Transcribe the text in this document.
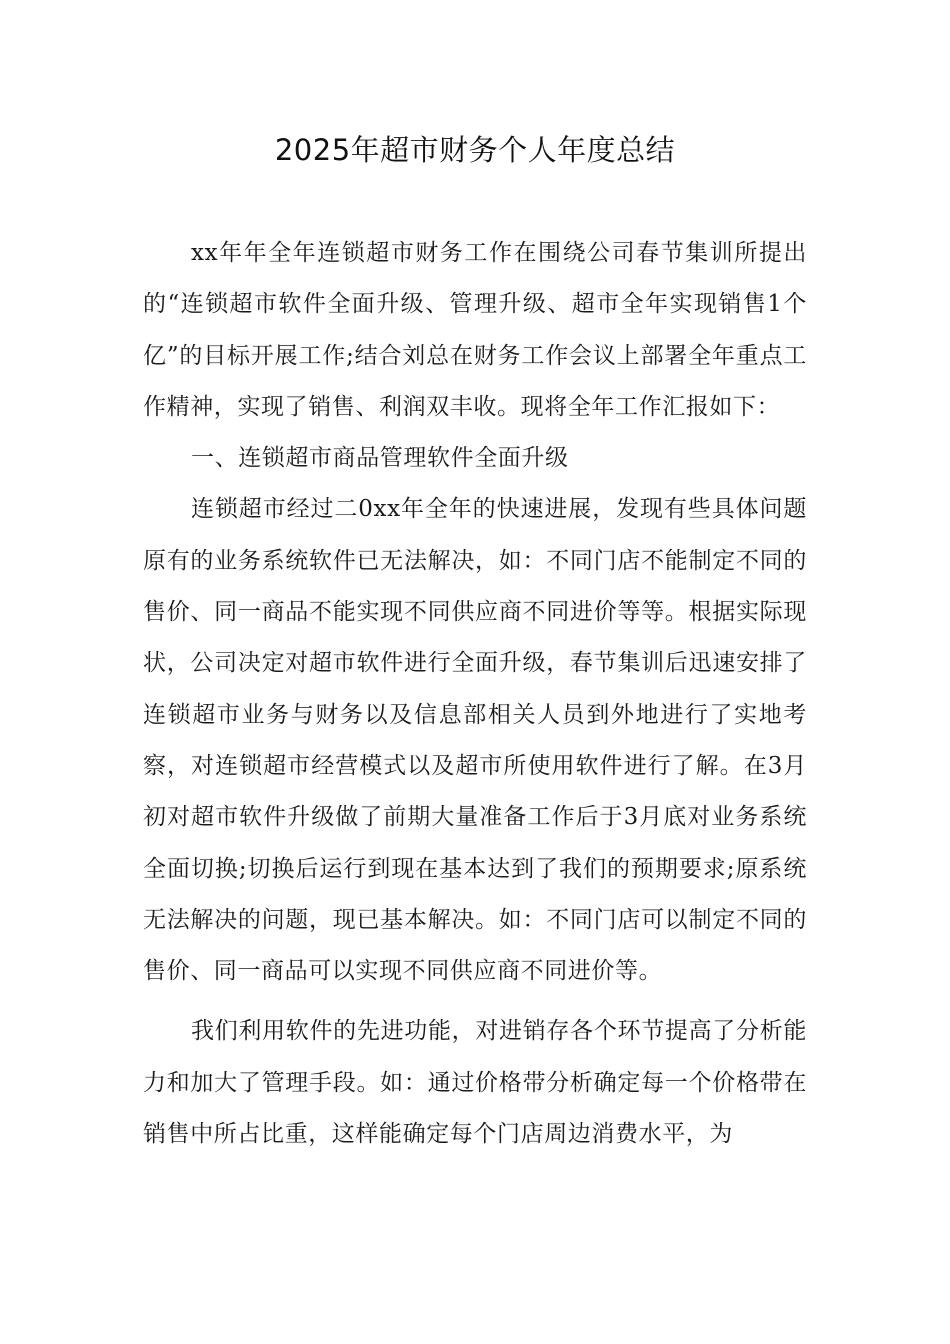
2025年超市财务个人年度总结

xx年年全年连锁超市财务工作在围绕公司春节集训所提出的“连锁超市软件全面升级、管理升级、超市全年实现销售1个亿”的目标开展工作;结合刘总在财务工作会议上部署全年重点工作精神，实现了销售、利润双丰收。现将全年工作汇报如下：

一、连锁超市商品管理软件全面升级

连锁超市经过二0xx年全年的快速进展，发现有些具体问题原有的业务系统软件已无法解决，如：不同门店不能制定不同的售价、同一商品不能实现不同供应商不同进价等等。根据实际现状，公司决定对超市软件进行全面升级，春节集训后迅速安排了连锁超市业务与财务以及信息部相关人员到外地进行了实地考察，对连锁超市经营模式以及超市所使用软件进行了解。在3月初对超市软件升级做了前期大量准备工作后于3月底对业务系统全面切换;切换后运行到现在基本达到了我们的预期要求;原系统无法解决的问题，现已基本解决。如：不同门店可以制定不同的售价、同一商品可以实现不同供应商不同进价等。

我们利用软件的先进功能，对进销存各个环节提高了分析能力和加大了管理手段。如：通过价格带分析确定每一个价格带在销售中所占比重，这样能确定每个门店周边消费水平，为
